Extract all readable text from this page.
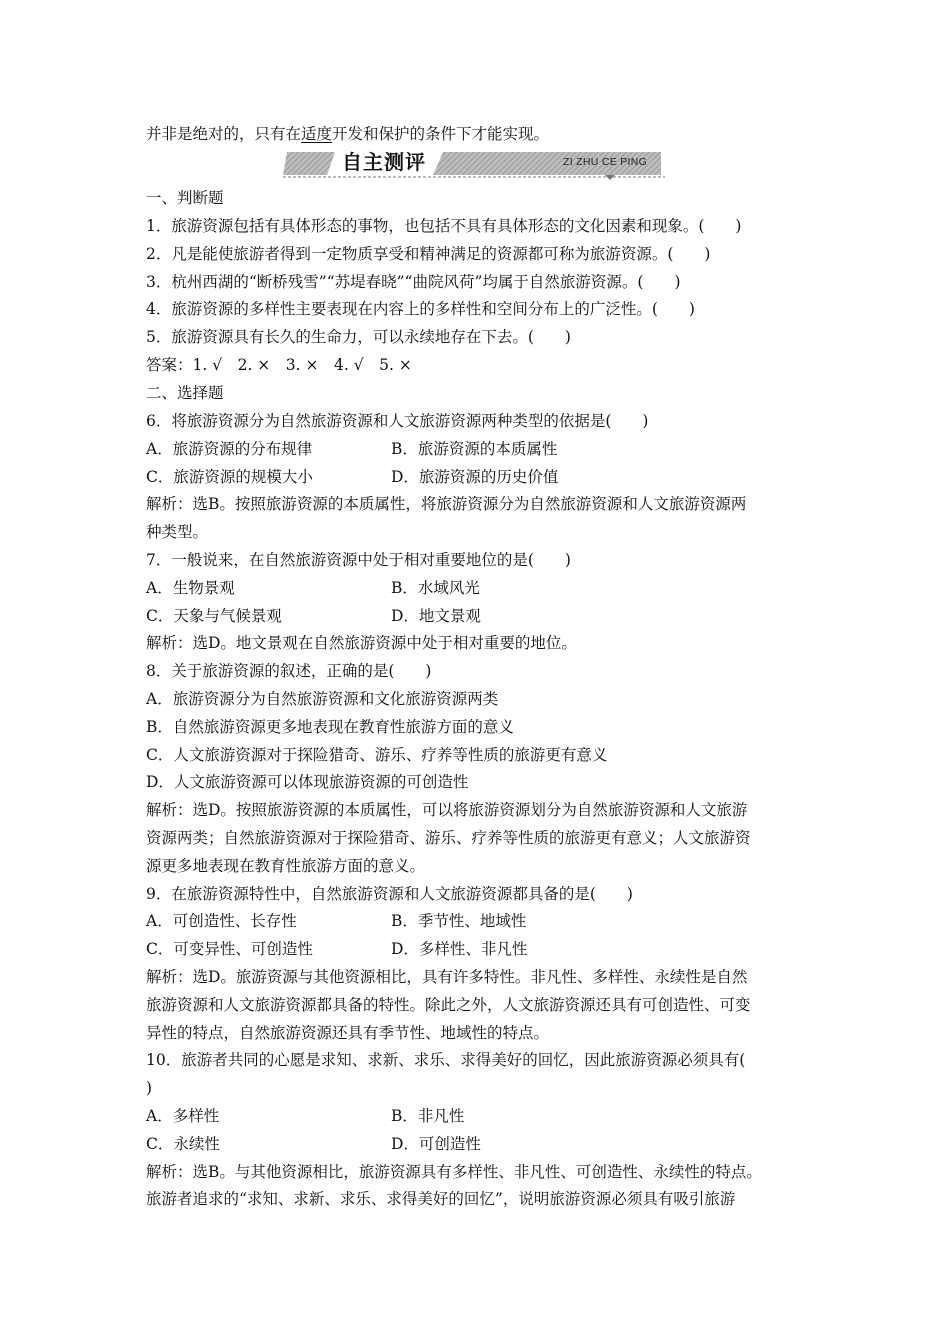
并非是绝对的，只有在适度开发和保护的条件下才能实现。
自主测评	ZI ZHU CE PING
一、判断题
1．旅游资源包括有具体形态的事物，也包括不具有具体形态的文化因素和现象。(　　)
2．凡是能使旅游者得到一定物质享受和精神满足的资源都可称为旅游资源。(　　)
3．杭州西湖的“断桥残雪”“苏堤春晓”“曲院风荷”均属于自然旅游资源。(　　)
4．旅游资源的多样性主要表现在内容上的多样性和空间分布上的广泛性。(　　)
5．旅游资源具有长久的生命力，可以永续地存在下去。(　　)
答案：1. √　2. ×　3. ×　4. √　5. ×
二、选择题
6．将旅游资源分为自然旅游资源和人文旅游资源两种类型的依据是(　　)
A．旅游资源的分布规律	B．旅游资源的本质属性
C．旅游资源的规模大小	D．旅游资源的历史价值
解析：选B。按照旅游资源的本质属性，将旅游资源分为自然旅游资源和人文旅游资源两
种类型。
7．一般说来，在自然旅游资源中处于相对重要地位的是(　　)
A．生物景观	B．水域风光
C．天象与气候景观	D．地文景观
解析：选D。地文景观在自然旅游资源中处于相对重要的地位。
8．关于旅游资源的叙述，正确的是(　　)
A．旅游资源分为自然旅游资源和文化旅游资源两类
B．自然旅游资源更多地表现在教育性旅游方面的意义
C．人文旅游资源对于探险猎奇、游乐、疗养等性质的旅游更有意义
D．人文旅游资源可以体现旅游资源的可创造性
解析：选D。按照旅游资源的本质属性，可以将旅游资源划分为自然旅游资源和人文旅游
资源两类；自然旅游资源对于探险猎奇、游乐、疗养等性质的旅游更有意义；人文旅游资
源更多地表现在教育性旅游方面的意义。
9．在旅游资源特性中，自然旅游资源和人文旅游资源都具备的是(　　)
A．可创造性、长存性	B．季节性、地域性
C．可变异性、可创造性	D．多样性、非凡性
解析：选D。旅游资源与其他资源相比，具有许多特性。非凡性、多样性、永续性是自然
旅游资源和人文旅游资源都具备的特性。除此之外，人文旅游资源还具有可创造性、可变
异性的特点，自然旅游资源还具有季节性、地域性的特点。
10．旅游者共同的心愿是求知、求新、求乐、求得美好的回忆，因此旅游资源必须具有(
)
A．多样性	B．非凡性
C．永续性	D．可创造性
解析：选B。与其他资源相比，旅游资源具有多样性、非凡性、可创造性、永续性的特点。
旅游者追求的“求知、求新、求乐、求得美好的回忆”，说明旅游资源必须具有吸引旅游
